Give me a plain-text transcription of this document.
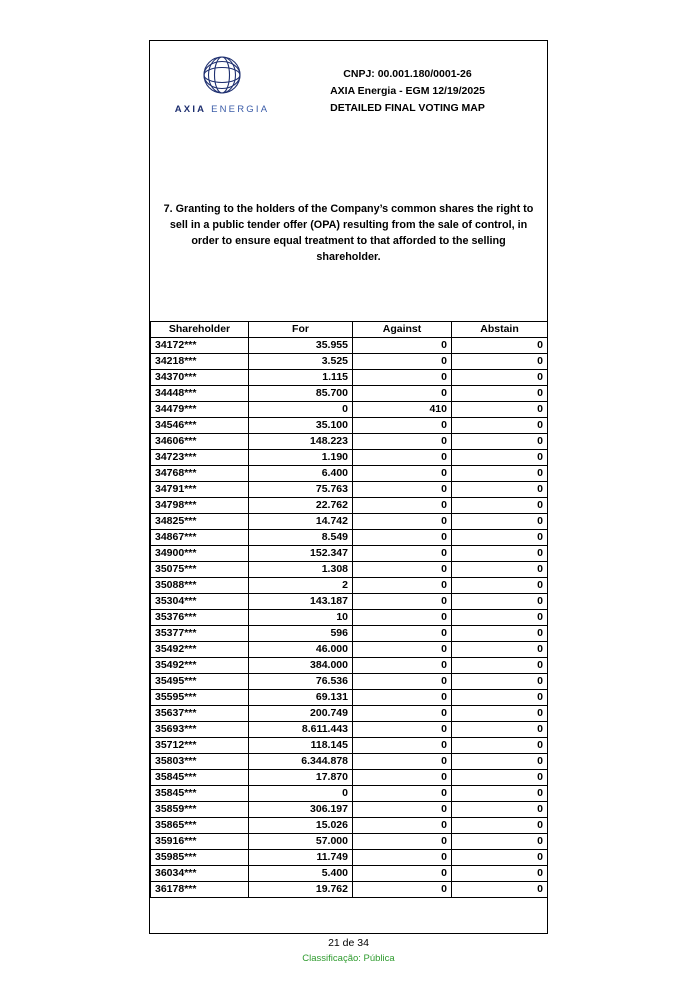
AXIA ENERGIA
CNPJ: 00.001.180/0001-26
AXIA Energia - EGM 12/19/2025
DETAILED FINAL VOTING MAP
7. Granting to the holders of the Company’s common shares the right to sell in a public tender offer (OPA) resulting from the sale of control, in order to ensure equal treatment to that afforded to the selling shareholder.
Shareholder	For	Against	Abstain
34172***	35.955	0	0
34218***	3.525	0	0
34370***	1.115	0	0
34448***	85.700	0	0
34479***	0	410	0
34546***	35.100	0	0
34606***	148.223	0	0
34723***	1.190	0	0
34768***	6.400	0	0
34791***	75.763	0	0
34798***	22.762	0	0
34825***	14.742	0	0
34867***	8.549	0	0
34900***	152.347	0	0
35075***	1.308	0	0
35088***	2	0	0
35304***	143.187	0	0
35376***	10	0	0
35377***	596	0	0
35492***	46.000	0	0
35492***	384.000	0	0
35495***	76.536	0	0
35595***	69.131	0	0
35637***	200.749	0	0
35693***	8.611.443	0	0
35712***	118.145	0	0
35803***	6.344.878	0	0
35845***	17.870	0	0
35845***	0	0	0
35859***	306.197	0	0
35865***	15.026	0	0
35916***	57.000	0	0
35985***	11.749	0	0
36034***	5.400	0	0
36178***	19.762	0	0
21 de 34
Classificação: Pública
